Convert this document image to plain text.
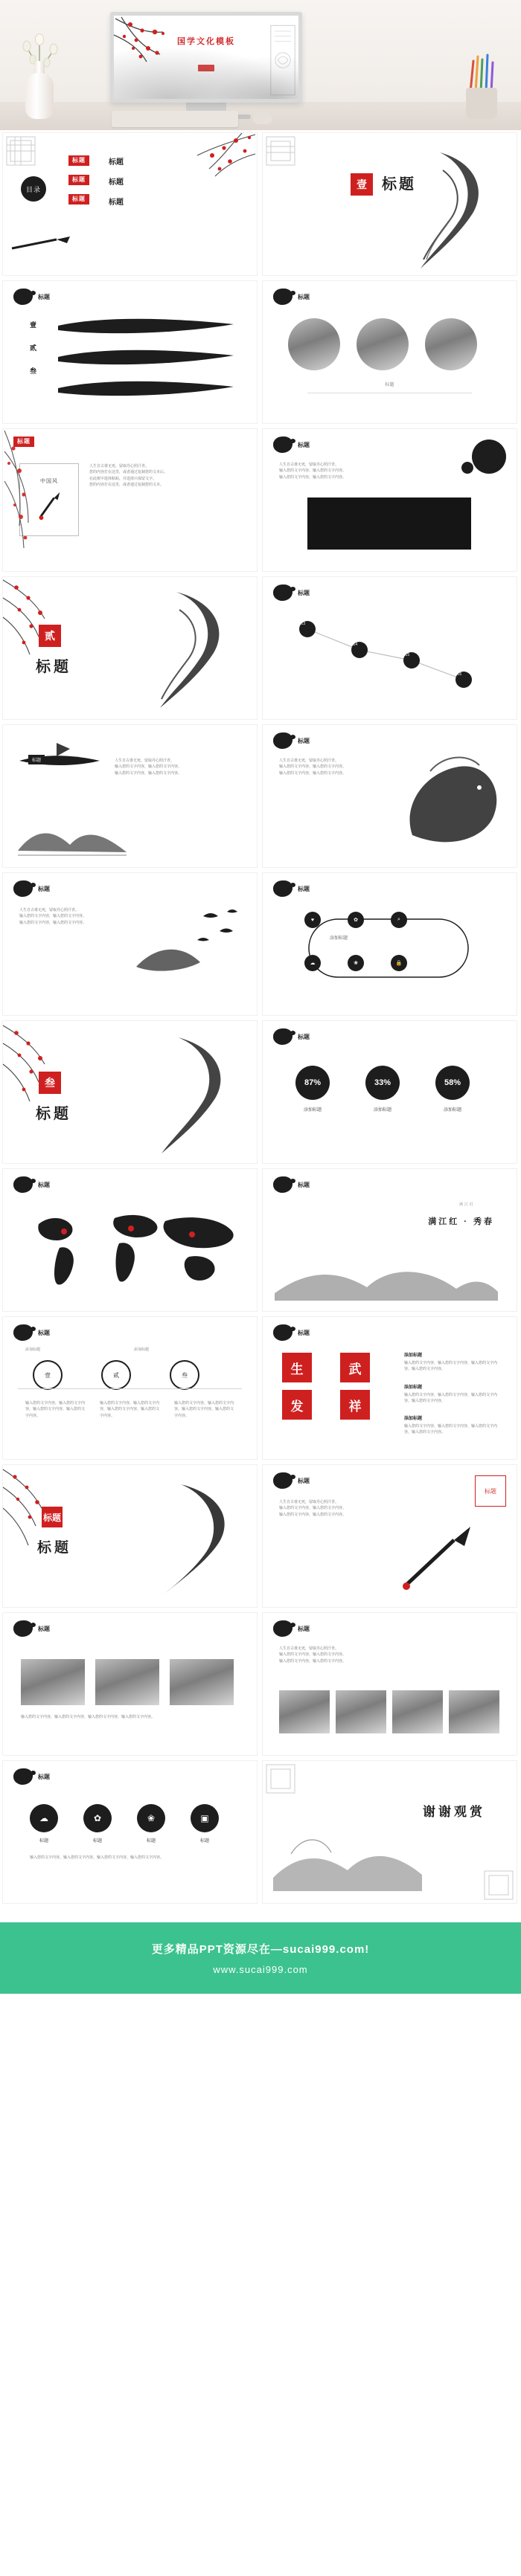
国学文化模板
目录
标题
标题
标题
标题
标题
标题
壹	标题
标题
壹
贰
叁
标题
标题
标题
中国风
人生自古谁无死，留取丹心照汗青。
您的内容打在这里，或者通过复制您的文本后。
在此框中选择粘贴，并选择只保留文字。
您的内容打在这里，或者通过复制您的文本。
标题
人生自古谁无死，留取丹心照汗青。
输入您的文字内容，输入您的文字内容。
输入您的文字内容，输入您的文字内容。
贰
标题
标题
2013
2014
2015
2016
标题	人生自古谁无死，留取丹心照汗青。
输入您的文字内容，输入您的文字内容。
输入您的文字内容，输入您的文字内容。
标题
人生自古谁无死，留取丹心照汗青。
输入您的文字内容，输入您的文字内容。
输入您的文字内容，输入您的文字内容。
标题
人生自古谁无死，留取丹心照汗青。
输入您的文字内容，输入您的文字内容。
输入您的文字内容，输入您的文字内容。
标题
♥	✿	⌕
☁	❀	🔒
添加标题
叁
标题
标题
87%
添加标题
33%
添加标题
58%
添加标题
标题	标题
满江红
满江红 · 秀春
标题
壹	贰	叁
添加标题	添加标题
输入您的文字内容，输入您的文字内容，输入您的文字内容，输入您的文字内容。
输入您的文字内容，输入您的文字内容，输入您的文字内容，输入您的文字内容。
输入您的文字内容，输入您的文字内容，输入您的文字内容，输入您的文字内容。
标题
生	武
发	祥
添加标题
输入您的文字内容，输入您的文字内容，输入您的文字内容，输入您的文字内容。
添加标题
输入您的文字内容，输入您的文字内容，输入您的文字内容，输入您的文字内容。
添加标题
输入您的文字内容，输入您的文字内容，输入您的文字内容，输入您的文字内容。
标题
标题
标题
人生自古谁无死，留取丹心照汗青。
输入您的文字内容，输入您的文字内容。
输入您的文字内容，输入您的文字内容。
标题
标题
输入您的文字内容，输入您的文字内容，输入您的文字内容，输入您的文字内容。
标题
人生自古谁无死，留取丹心照汗青。
输入您的文字内容，输入您的文字内容。
输入您的文字内容，输入您的文字内容。
标题
☁
标题
✿
标题
❀
标题
▣
标题
输入您的文字内容，输入您的文字内容，输入您的文字内容，输入您的文字内容。
谢谢观赏
更多精品PPT资源尽在—sucai999.com!
www.sucai999.com
